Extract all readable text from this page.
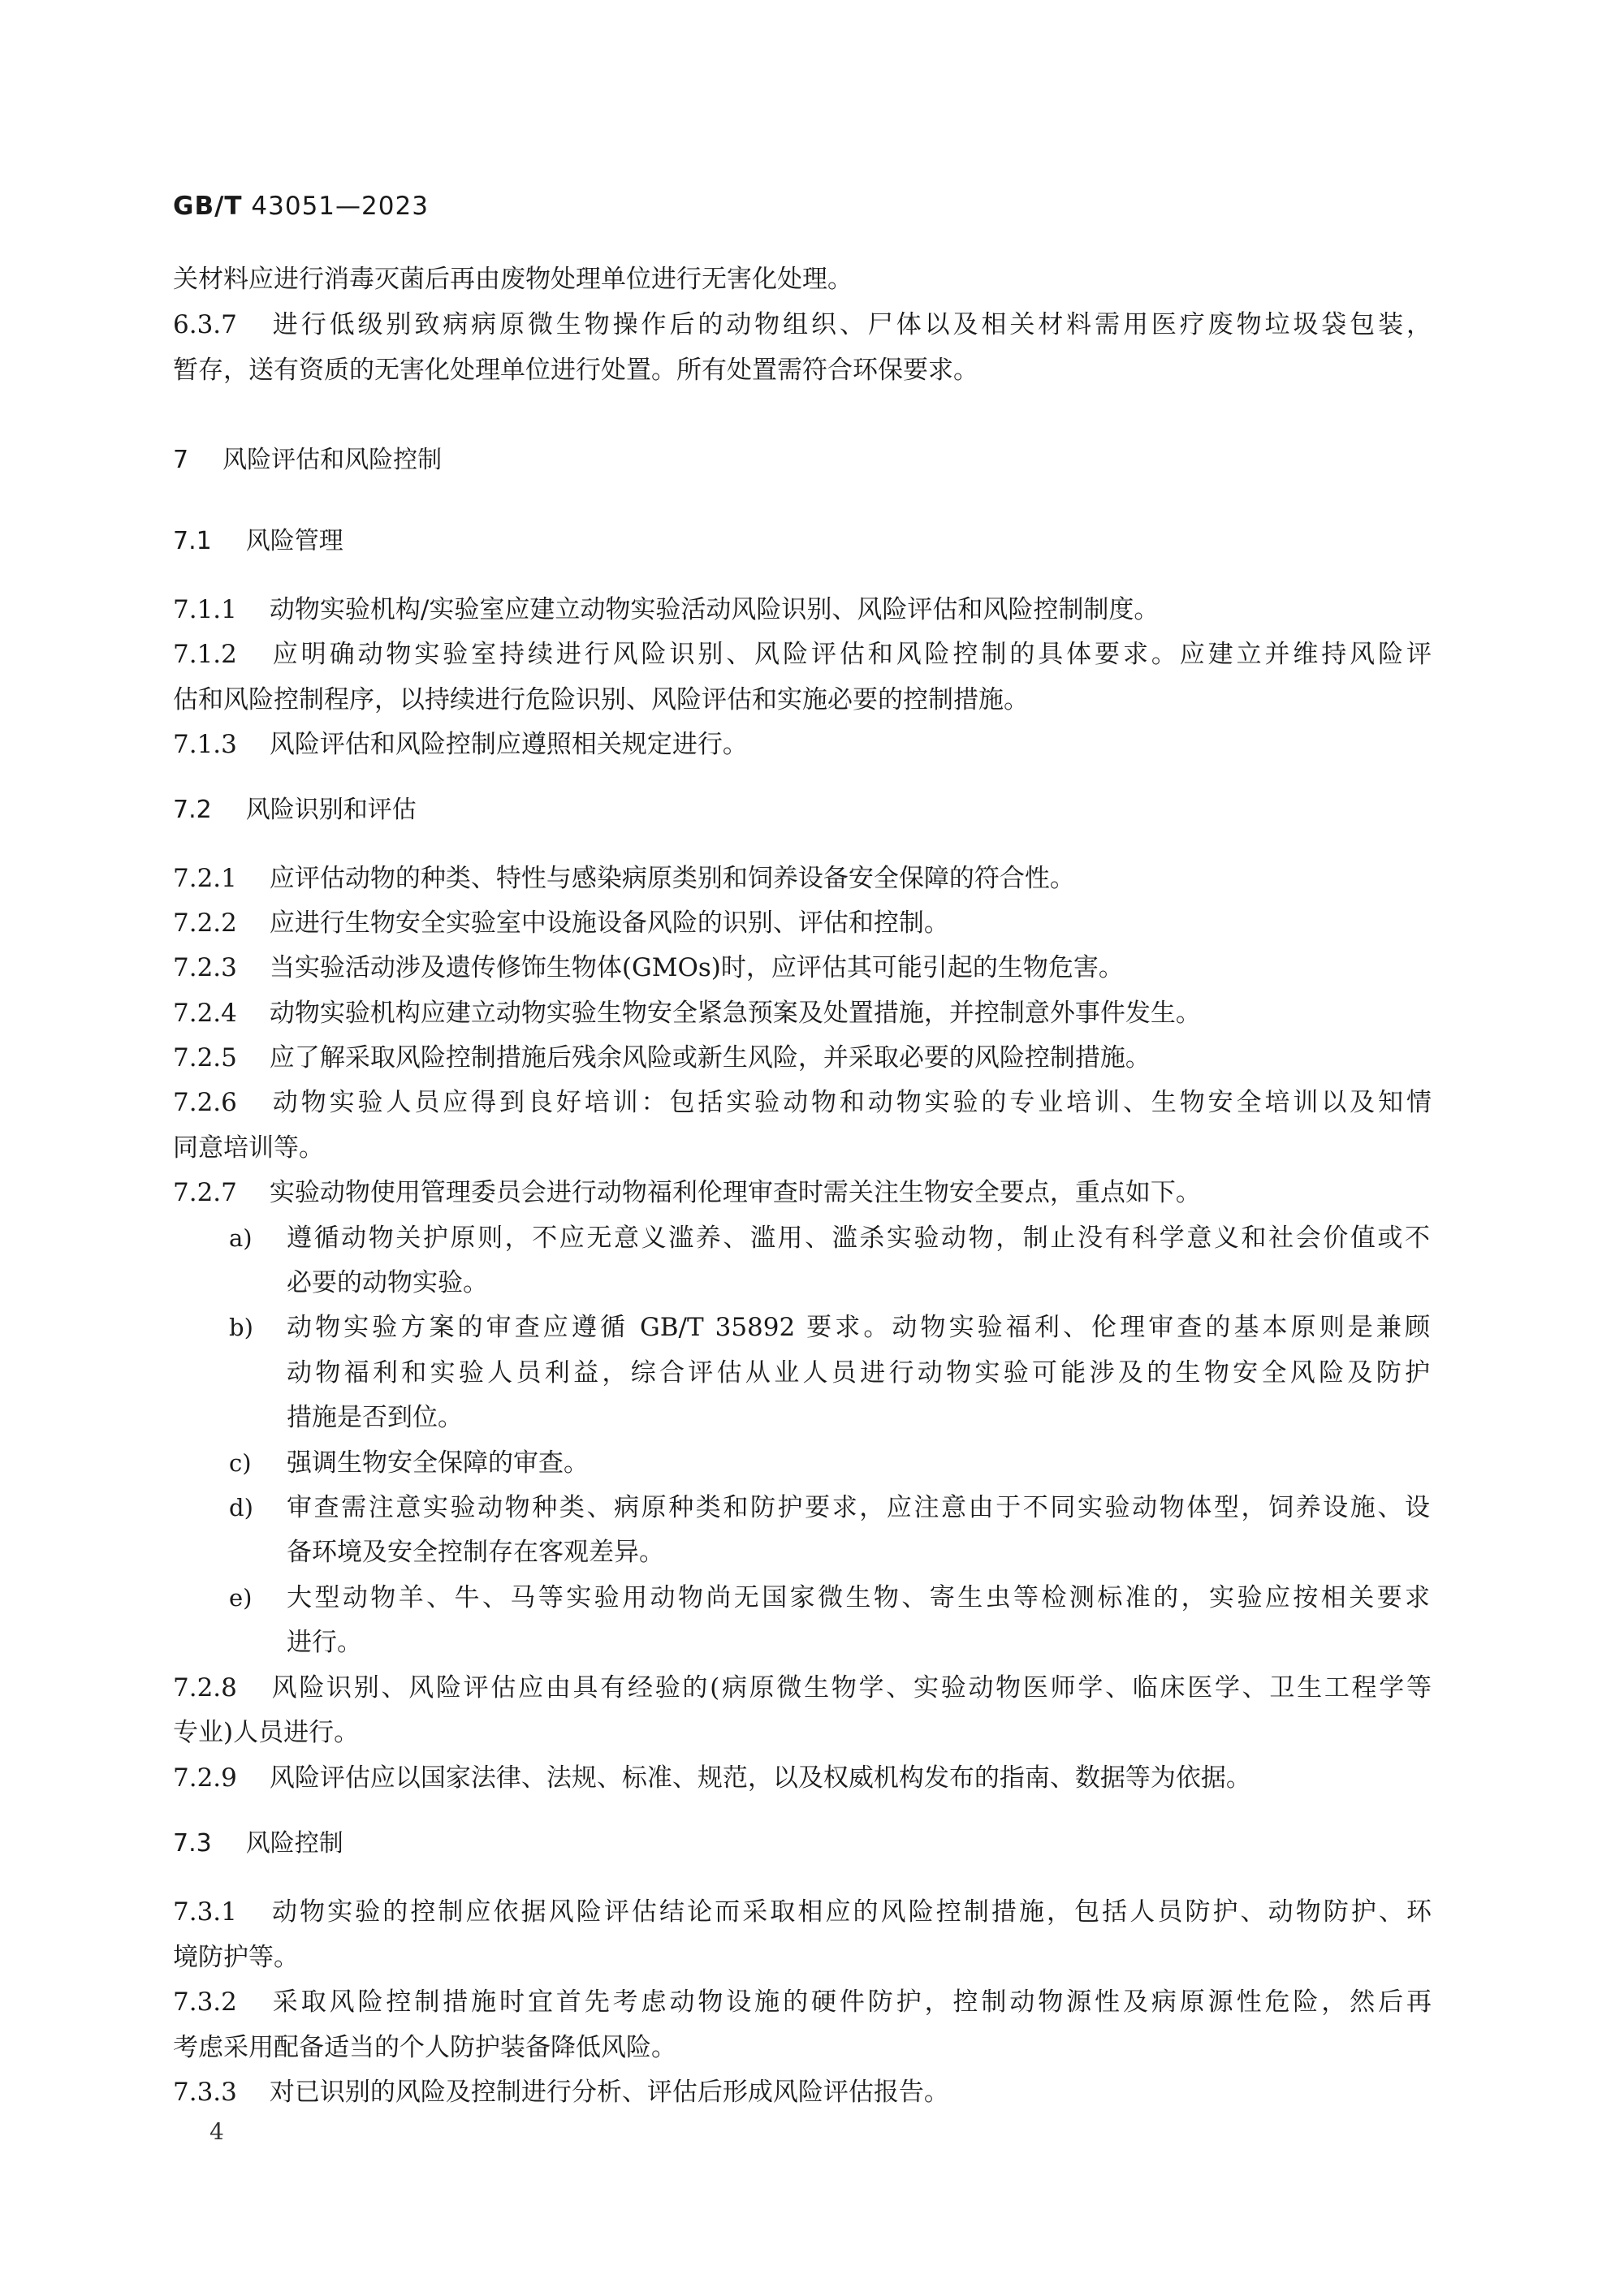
GB/T 43051—2023
关材料应进行消毒灭菌后再由废物处理单位进行无害化处理。
6.3.7 进行低级别致病病原微生物操作后的动物组织、尸体以及相关材料需用医疗废物垃圾袋包装，
暂存，送有资质的无害化处理单位进行处置。所有处置需符合环保要求。
7 风险评估和风险控制
7.1 风险管理
7.1.1 动物实验机构/实验室应建立动物实验活动风险识别、风险评估和风险控制制度。
7.1.2 应明确动物实验室持续进行风险识别、风险评估和风险控制的具体要求。应建立并维持风险评
估和风险控制程序，以持续进行危险识别、风险评估和实施必要的控制措施。
7.1.3 风险评估和风险控制应遵照相关规定进行。
7.2 风险识别和评估
7.2.1 应评估动物的种类、特性与感染病原类别和饲养设备安全保障的符合性。
7.2.2 应进行生物安全实验室中设施设备风险的识别、评估和控制。
7.2.3 当实验活动涉及遗传修饰生物体(GMOs)时，应评估其可能引起的生物危害。
7.2.4 动物实验机构应建立动物实验生物安全紧急预案及处置措施，并控制意外事件发生。
7.2.5 应了解采取风险控制措施后残余风险或新生风险，并采取必要的风险控制措施。
7.2.6 动物实验人员应得到良好培训：包括实验动物和动物实验的专业培训、生物安全培训以及知情
同意培训等。
7.2.7 实验动物使用管理委员会进行动物福利伦理审查时需关注生物安全要点，重点如下。
a) 遵循动物关护原则，不应无意义滥养、滥用、滥杀实验动物，制止没有科学意义和社会价值或不
必要的动物实验。
b) 动物实验方案的审查应遵循 GB/T 35892 要求。动物实验福利、伦理审查的基本原则是兼顾
动物福利和实验人员利益，综合评估从业人员进行动物实验可能涉及的生物安全风险及防护
措施是否到位。
c) 强调生物安全保障的审查。
d) 审查需注意实验动物种类、病原种类和防护要求，应注意由于不同实验动物体型，饲养设施、设
备环境及安全控制存在客观差异。
e) 大型动物羊、牛、马等实验用动物尚无国家微生物、寄生虫等检测标准的，实验应按相关要求
进行。
7.2.8 风险识别、风险评估应由具有经验的(病原微生物学、实验动物医师学、临床医学、卫生工程学等
专业)人员进行。
7.2.9 风险评估应以国家法律、法规、标准、规范，以及权威机构发布的指南、数据等为依据。
7.3 风险控制
7.3.1 动物实验的控制应依据风险评估结论而采取相应的风险控制措施，包括人员防护、动物防护、环
境防护等。
7.3.2 采取风险控制措施时宜首先考虑动物设施的硬件防护，控制动物源性及病原源性危险，然后再
考虑采用配备适当的个人防护装备降低风险。
7.3.3 对已识别的风险及控制进行分析、评估后形成风险评估报告。
4
